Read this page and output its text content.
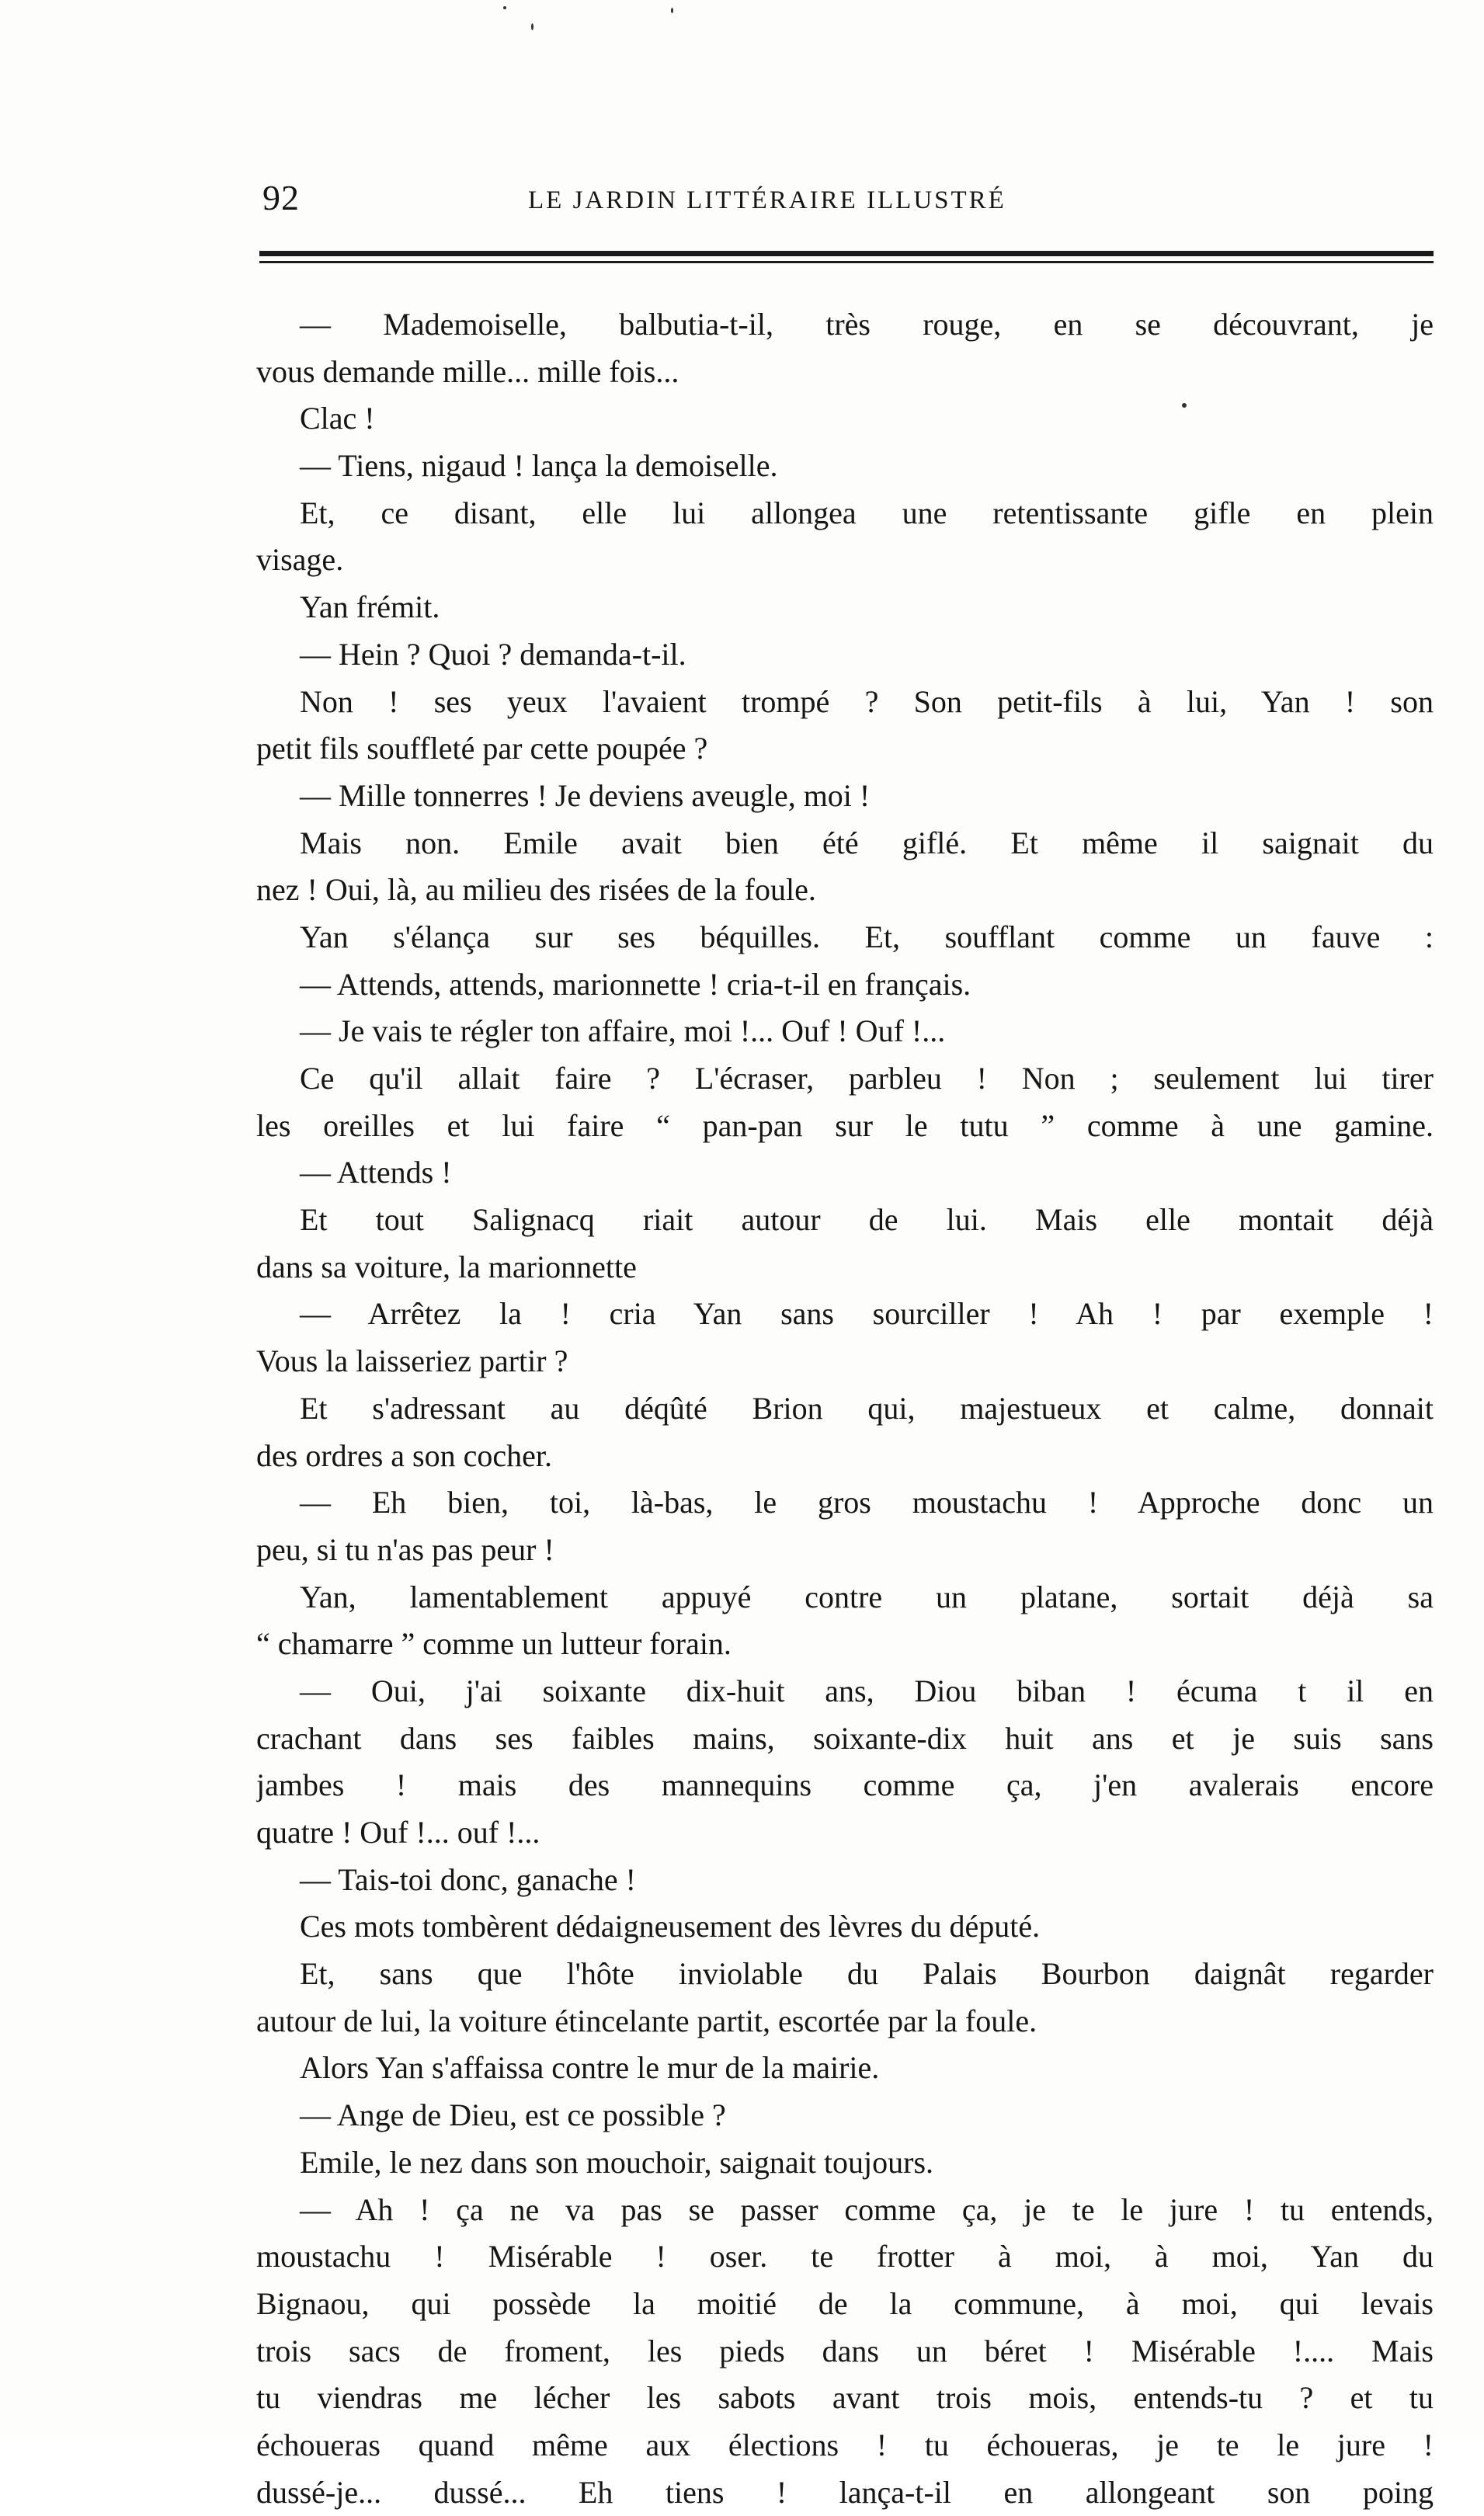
92	LE JARDIN LITTÉRAIRE ILLUSTRÉ
— Mademoiselle, balbutia-t-il, très rouge, en se découvrant, je
vous demande mille... mille fois...
Clac !
— Tiens, nigaud ! lança la demoiselle.
Et, ce disant, elle lui allongea une retentissante gifle en plein
visage.
Yan frémit.
— Hein ? Quoi ? demanda-t-il.
Non ! ses yeux l'avaient trompé ? Son petit-fils à lui, Yan ! son
petit fils souffleté par cette poupée ?
— Mille tonnerres ! Je deviens aveugle, moi !
Mais non. Emile avait bien été giflé. Et même il saignait du
nez ! Oui, là, au milieu des risées de la foule.
Yan s'élança sur ses béquilles. Et, soufflant comme un fauve :
— Attends, attends, marionnette ! cria-t-il en français.
— Je vais te régler ton affaire, moi !... Ouf ! Ouf !...
Ce qu'il allait faire ? L'écraser, parbleu ! Non ; seulement lui tirer
les oreilles et lui faire “ pan-pan sur le tutu ” comme à une gamine.
— Attends !
Et tout Salignacq riait autour de lui. Mais elle montait déjà
dans sa voiture, la marionnette
— Arrêtez la ! cria Yan sans sourciller ! Ah ! par exemple !
Vous la laisseriez partir ?
Et s'adressant au déqûté Brion qui, majestueux et calme, donnait
des ordres a son cocher.
— Eh bien, toi, là-bas, le gros moustachu ! Approche donc un
peu, si tu n'as pas peur !
Yan, lamentablement appuyé contre un platane, sortait déjà sa
“ chamarre ” comme un lutteur forain.
— Oui, j'ai soixante dix-huit ans, Diou biban ! écuma t il en
crachant dans ses faibles mains, soixante-dix huit ans et je suis sans
jambes ! mais des mannequins comme ça, j'en avalerais encore
quatre ! Ouf !... ouf !...
— Tais-toi donc, ganache !
Ces mots tombèrent dédaigneusement des lèvres du député.
Et, sans que l'hôte inviolable du Palais Bourbon daignât regarder
autour de lui, la voiture étincelante partit, escortée par la foule.
Alors Yan s'affaissa contre le mur de la mairie.
— Ange de Dieu, est ce possible ?
Emile, le nez dans son mouchoir, saignait toujours.
— Ah ! ça ne va pas se passer comme ça, je te le jure ! tu entends,
moustachu ! Misérable ! oser. te frotter à moi, à moi, Yan du
Bignaou, qui possède la moitié de la commune, à moi, qui levais
trois sacs de froment, les pieds dans un béret ! Misérable !.... Mais
tu viendras me lécher les sabots avant trois mois, entends-tu ? et tu
échoueras quand même aux élections ! tu échoueras, je te le jure !
dussé-je... dussé... Eh tiens ! lança-t-il en allongeant son poing
